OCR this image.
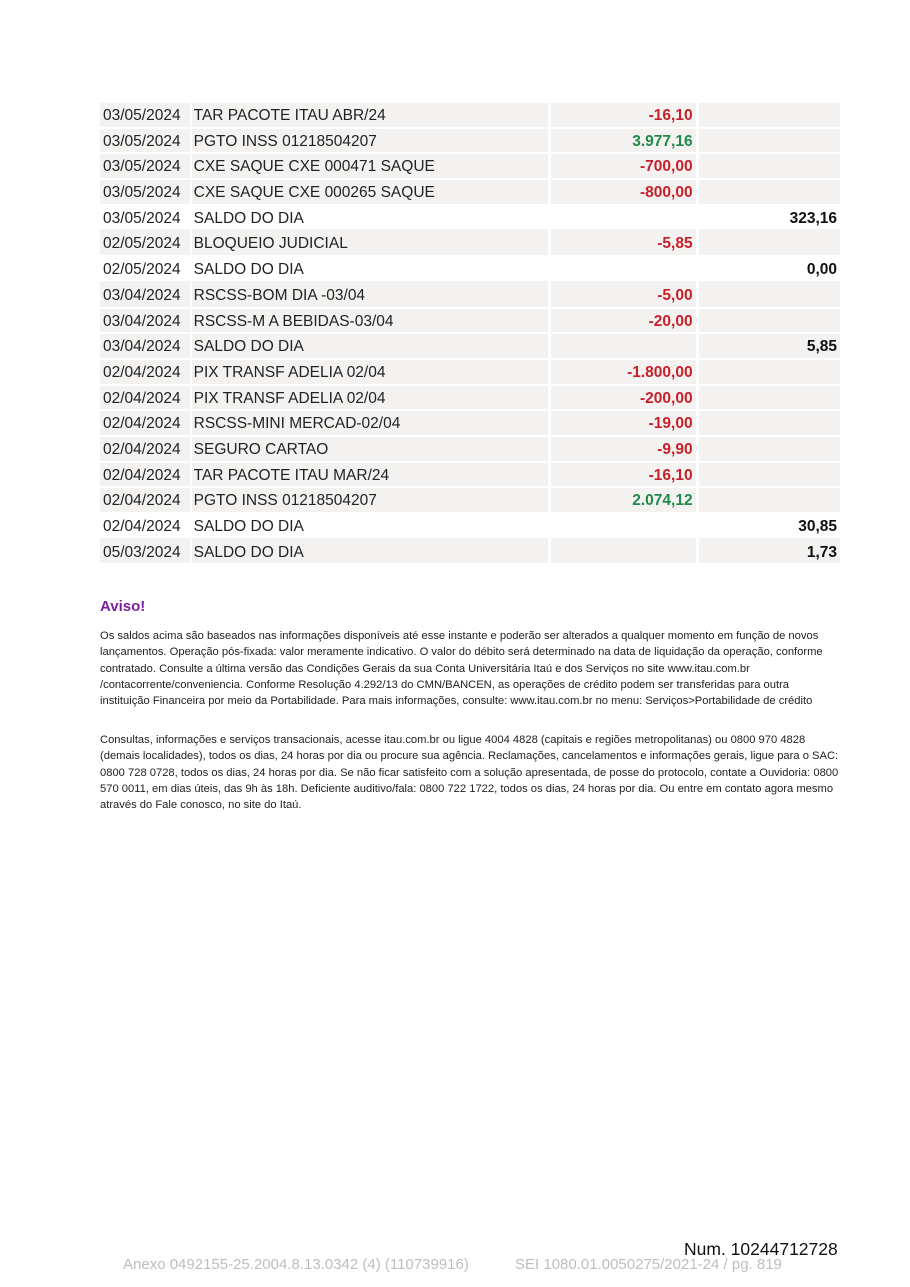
03/05/2024 TAR PACOTE ITAU ABR/24	-16,10
03/05/2024 PGTO INSS 01218504207	3.977,16
03/05/2024 CXE SAQUE CXE 000471 SAQUE	-700,00
03/05/2024 CXE SAQUE CXE 000265 SAQUE	-800,00
03/05/2024 SALDO DO DIA	323,16
02/05/2024 BLOQUEIO JUDICIAL	-5,85
02/05/2024 SALDO DO DIA	0,00
03/04/2024 RSCSS-BOM DIA -03/04	-5,00
03/04/2024 RSCSS-M A BEBIDAS-03/04	-20,00
03/04/2024 SALDO DO DIA	5,85
02/04/2024 PIX TRANSF ADELIA 02/04	-1.800,00
02/04/2024 PIX TRANSF ADELIA 02/04	-200,00
02/04/2024 RSCSS-MINI MERCAD-02/04	-19,00
02/04/2024 SEGURO CARTAO	-9,90
02/04/2024 TAR PACOTE ITAU MAR/24	-16,10
02/04/2024 PGTO INSS 01218504207	2.074,12
02/04/2024 SALDO DO DIA	30,85
05/03/2024 SALDO DO DIA	1,73
Aviso!
Os saldos acima são baseados nas informações disponíveis até esse instante e poderão ser alterados a qualquer momento em função de novos lançamentos. Operação pós-fixada: valor meramente indicativo. O valor do débito será determinado na data de liquidação da operação, conforme contratado. Consulte a última versão das Condições Gerais da sua Conta Universitária Itaú e dos Serviços no site www.itau.com.br /contacorrente/conveniencia. Conforme Resolução 4.292/13 do CMN/BANCEN, as operações de crédito podem ser transferidas para outra instituição Financeira por meio da Portabilidade. Para mais informações, consulte: www.itau.com.br no menu: Serviços>Portabilidade de crédito
Consultas, informações e serviços transacionais, acesse itau.com.br ou ligue 4004 4828 (capitais e regiões metropolitanas) ou 0800 970 4828 (demais localidades), todos os dias, 24 horas por dia ou procure sua agência. Reclamações, cancelamentos e informações gerais, ligue para o SAC: 0800 728 0728, todos os dias, 24 horas por dia. Se não ficar satisfeito com a solução apresentada, de posse do protocolo, contate a Ouvidoria: 0800 570 0011, em dias úteis, das 9h às 18h. Deficiente auditivo/fala: 0800 722 1722, todos os dias, 24 horas por dia. Ou entre em contato agora mesmo através do Fale conosco, no site do Itaú.
Num. 10244712728
Anexo 0492155-25.2004.8.13.0342 (4) (110739916)	SEI 1080.01.0050275/2021-24 / pg. 819
